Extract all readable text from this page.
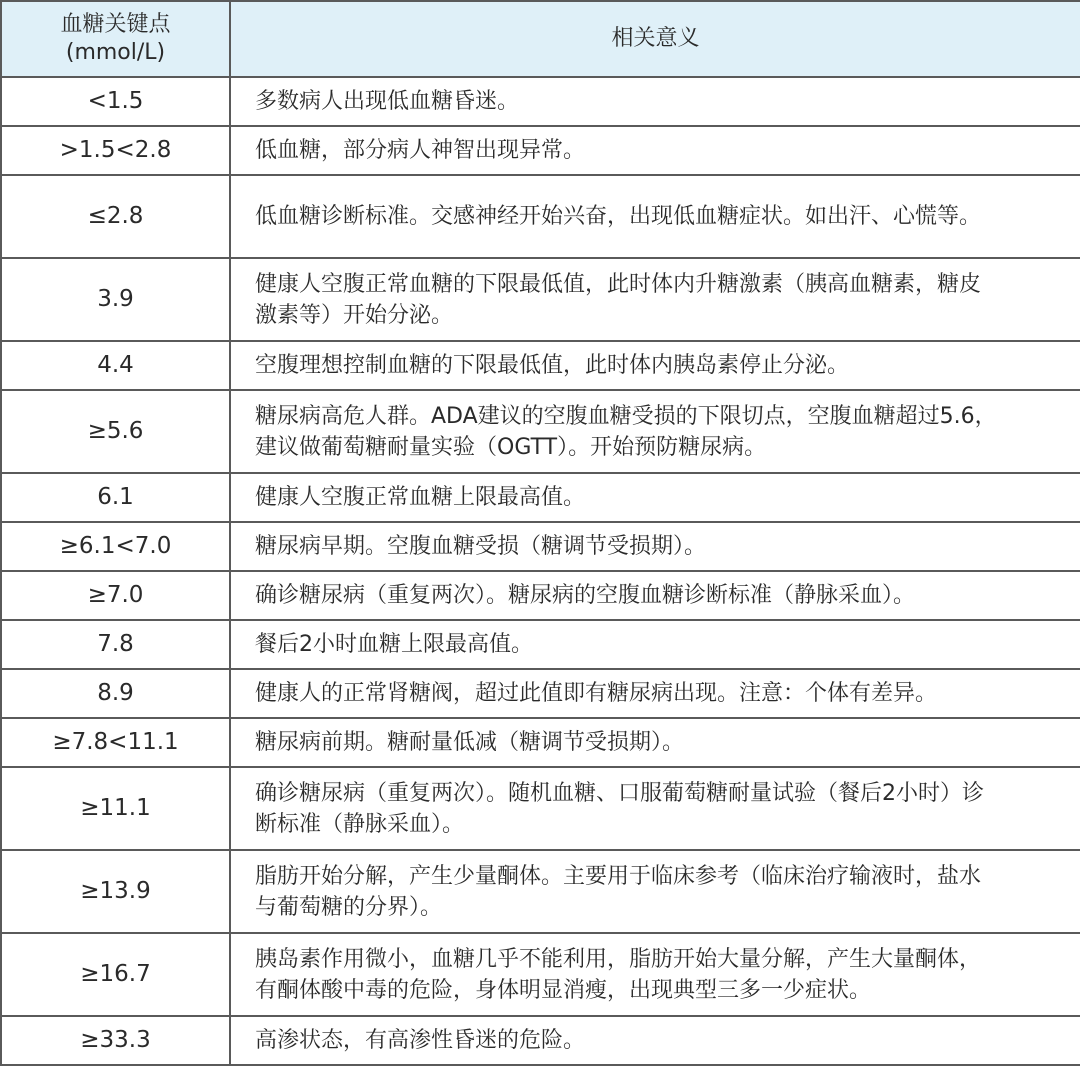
血糖关键点
(mmol/L)	相关意义
<1.5	多数病人出现低血糖昏迷。
>1.5<2.8	低血糖，部分病人神智出现异常。
≤2.8	低血糖诊断标准。交感神经开始兴奋，出现低血糖症状。如出汗、心慌等。
3.9	健康人空腹正常血糖的下限最低值，此时体内升糖激素（胰高血糖素，糖皮激素等）开始分泌。
4.4	空腹理想控制血糖的下限最低值，此时体内胰岛素停止分泌。
≥5.6	糖尿病高危人群。ADA建议的空腹血糖受损的下限切点，空腹血糖超过5.6，建议做葡萄糖耐量实验（OGTT）。开始预防糖尿病。
6.1	健康人空腹正常血糖上限最高值。
≥6.1<7.0	糖尿病早期。空腹血糖受损（糖调节受损期）。
≥7.0	确诊糖尿病（重复两次）。糖尿病的空腹血糖诊断标准（静脉采血）。
7.8	餐后2小时血糖上限最高值。
8.9	健康人的正常肾糖阀，超过此值即有糖尿病出现。注意：个体有差异。
≥7.8<11.1	糖尿病前期。糖耐量低减（糖调节受损期）。
≥11.1	确诊糖尿病（重复两次）。随机血糖、口服葡萄糖耐量试验（餐后2小时）诊断标准（静脉采血）。
≥13.9	脂肪开始分解，产生少量酮体。主要用于临床参考（临床治疗输液时，盐水与葡萄糖的分界）。
≥16.7	胰岛素作用微小，血糖几乎不能利用，脂肪开始大量分解，产生大量酮体，有酮体酸中毒的危险，身体明显消瘦，出现典型三多一少症状。
≥33.3	高渗状态，有高渗性昏迷的危险。
